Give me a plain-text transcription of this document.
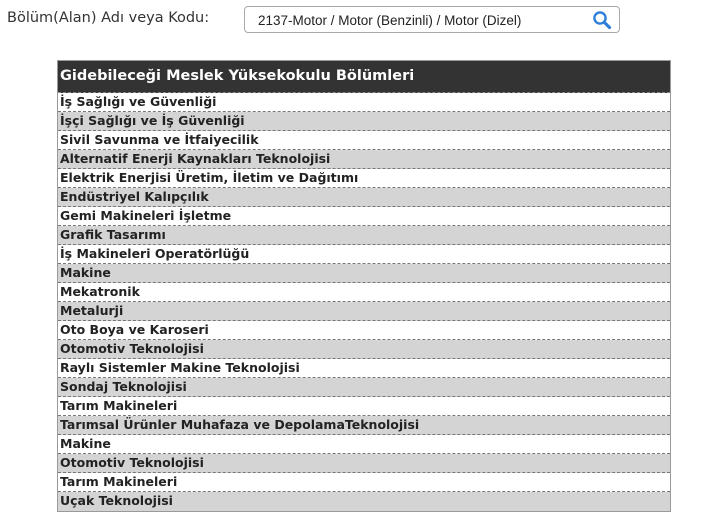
Bölüm(Alan) Adı veya Kodu:	2137-Motor / Motor (Benzinli) / Motor (Dizel)
Gidebileceği Meslek Yüksekokulu Bölümleri
İş Sağlığı ve Güvenliği
İşçi Sağlığı ve İş Güvenliği
Sivil Savunma ve İtfaiyecilik
Alternatif Enerji Kaynakları Teknolojisi
Elektrik Enerjisi Üretim, İletim ve Dağıtımı
Endüstriyel Kalıpçılık
Gemi Makineleri İşletme
Grafik Tasarımı
İş Makineleri Operatörlüğü
Makine
Mekatronik
Metalurji
Oto Boya ve Karoseri
Otomotiv Teknolojisi
Raylı Sistemler Makine Teknolojisi
Sondaj Teknolojisi
Tarım Makineleri
Tarımsal Ürünler Muhafaza ve DepolamaTeknolojisi
Makine
Otomotiv Teknolojisi
Tarım Makineleri
Uçak Teknolojisi
